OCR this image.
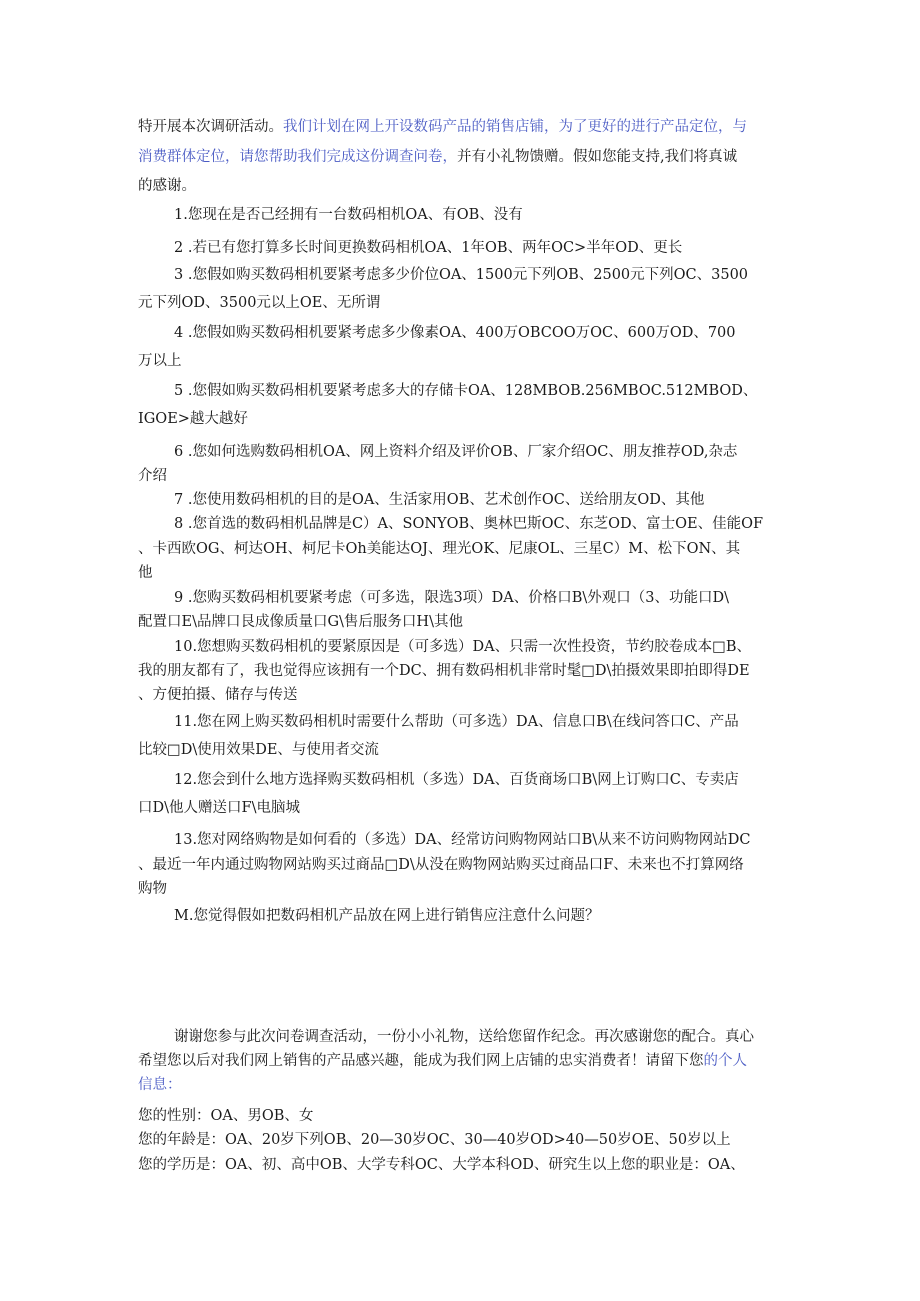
特开展本次调研活动。我们计划在网上开设数码产品的销售店铺，为了更好的进行产品定位，与
消费群体定位，请您帮助我们完成这份调查问卷，并有小礼物馈赠。假如您能支持,我们将真诚
的感谢。
1.您现在是否己经拥有一台数码相机OA、有OB、没有
2 .若已有您打算多长时间更换数码相机OA、1年OB、两年OC>半年OD、更长
3 .您假如购买数码相机要紧考虑多少价位OA、1500元下列OB、2500元下列OC、3500
元下列OD、3500元以上OE、无所谓
4 .您假如购买数码相机要紧考虑多少像素OA、400万OBCOO万OC、600万OD、700
万以上
5 .您假如购买数码相机要紧考虑多大的存储卡OA、128MBOB.256MBOC.512MBOD、
IGOE>越大越好
6 .您如何选购数码相机OA、网上资料介绍及评价OB、厂家介绍OC、朋友推荐OD,杂志
介绍
7 .您使用数码相机的目的是OA、生活家用OB、艺术创作OC、送给朋友OD、其他
8 .您首选的数码相机品牌是C）A、SONYOB、奥林巴斯OC、东芝OD、富士OE、佳能OF
、卡西欧OG、柯达OH、柯尼卡Oh美能达OJ、理光OK、尼康OL、三星C）M、松下ON、其
他
9 .您购买数码相机要紧考虑（可多选，限选3项）DA、价格口B\外观口（3、功能口D\
配置口E\品牌口艮成像质量口G\售后服务口H\其他
10.您想购买数码相机的要紧原因是（可多选）DA、只需一次性投资，节约胶卷成本□B、
我的朋友都有了，我也觉得应该拥有一个DC、拥有数码相机非常时髦□D\拍摄效果即拍即得DE
、方便拍摄、储存与传送
11.您在网上购买数码相机时需要什么帮助（可多选）DA、信息口B\在线问答口C、产品
比较□D\使用效果DE、与使用者交流
12.您会到什么地方选择购买数码相机（多选）DA、百货商场口B\网上订购口C、专卖店
口D\他人赠送口F\电脑城
13.您对网络购物是如何看的（多选）DA、经常访问购物网站口B\从来不访问购物网站DC
、最近一年内通过购物网站购买过商品□D\从没在购物网站购买过商品口F、未来也不打算网络
购物
M.您觉得假如把数码相机产品放在网上进行销售应注意什么问题？
谢谢您参与此次问卷调查活动，一份小小礼物，送给您留作纪念。再次感谢您的配合。真心
希望您以后对我们网上销售的产品感兴趣，能成为我们网上店铺的忠实消费者！请留下您的个人
信息：
您的性别：OA、男OB、女
您的年龄是：OA、20岁下列OB、20—30岁OC、30—40岁OD>40—50岁OE、50岁以上
您的学历是：OA、初、高中OB、大学专科OC、大学本科OD、研究生以上您的职业是：OA、
